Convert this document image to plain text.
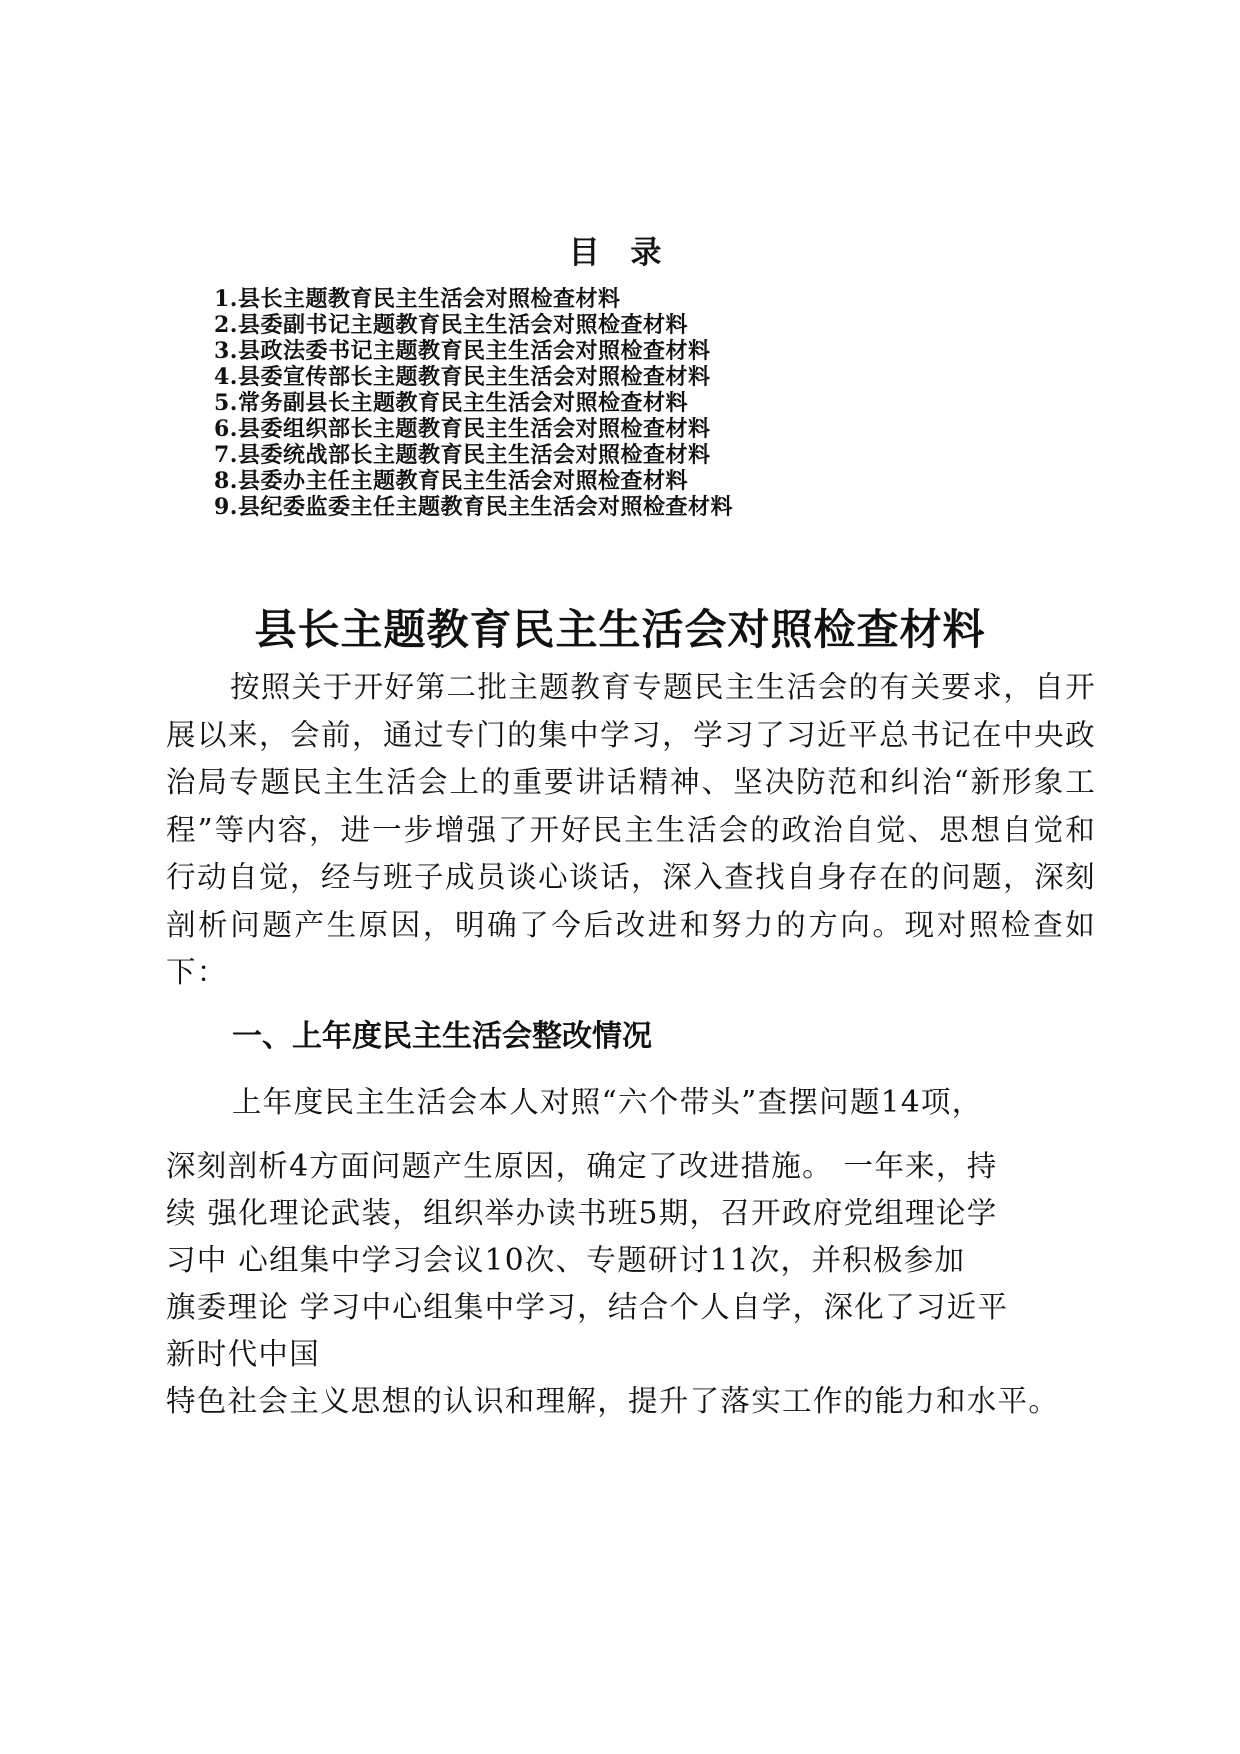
目 录
1.县长主题教育民主生活会对照检查材料
2.县委副书记主题教育民主生活会对照检查材料
3.县政法委书记主题教育民主生活会对照检查材料
4.县委宣传部长主题教育民主生活会对照检查材料
5.常务副县长主题教育民主生活会对照检查材料
6.县委组织部长主题教育民主生活会对照检查材料
7.县委统战部长主题教育民主生活会对照检查材料
8.县委办主任主题教育民主生活会对照检查材料
9.县纪委监委主任主题教育民主生活会对照检查材料
县长主题教育民主生活会对照检查材料

按照关于开好第二批主题教育专题民主生活会的有关要求，自开展以来，会前，通过专门的集中学习，学习了习近平总书记在中央政治局专题民主生活会上的重要讲话精神、坚决防范和纠治“新形象工程”等内容，进一步增强了开好民主生活会的政治自觉、思想自觉和行动自觉，经与班子成员谈心谈话，深入查找自身存在的问题，深刻剖析问题产生原因，明确了今后改进和努力的方向。现对照检查如下：

一、上年度民主生活会整改情况

上年度民主生活会本人对照“六个带头”查摆问题14项，

深刻剖析4方面问题产生原因，确定了改进措施。 一年来，持

续 强化理论武装，组织举办读书班5期，召开政府党组理论学

习中 心组集中学习会议10次、专题研讨11次，并积极参加

旗委理论 学习中心组集中学习，结合个人自学，深化了习近平

新时代中国

特色社会主义思想的认识和理解，提升了落实工作的能力和水平。
